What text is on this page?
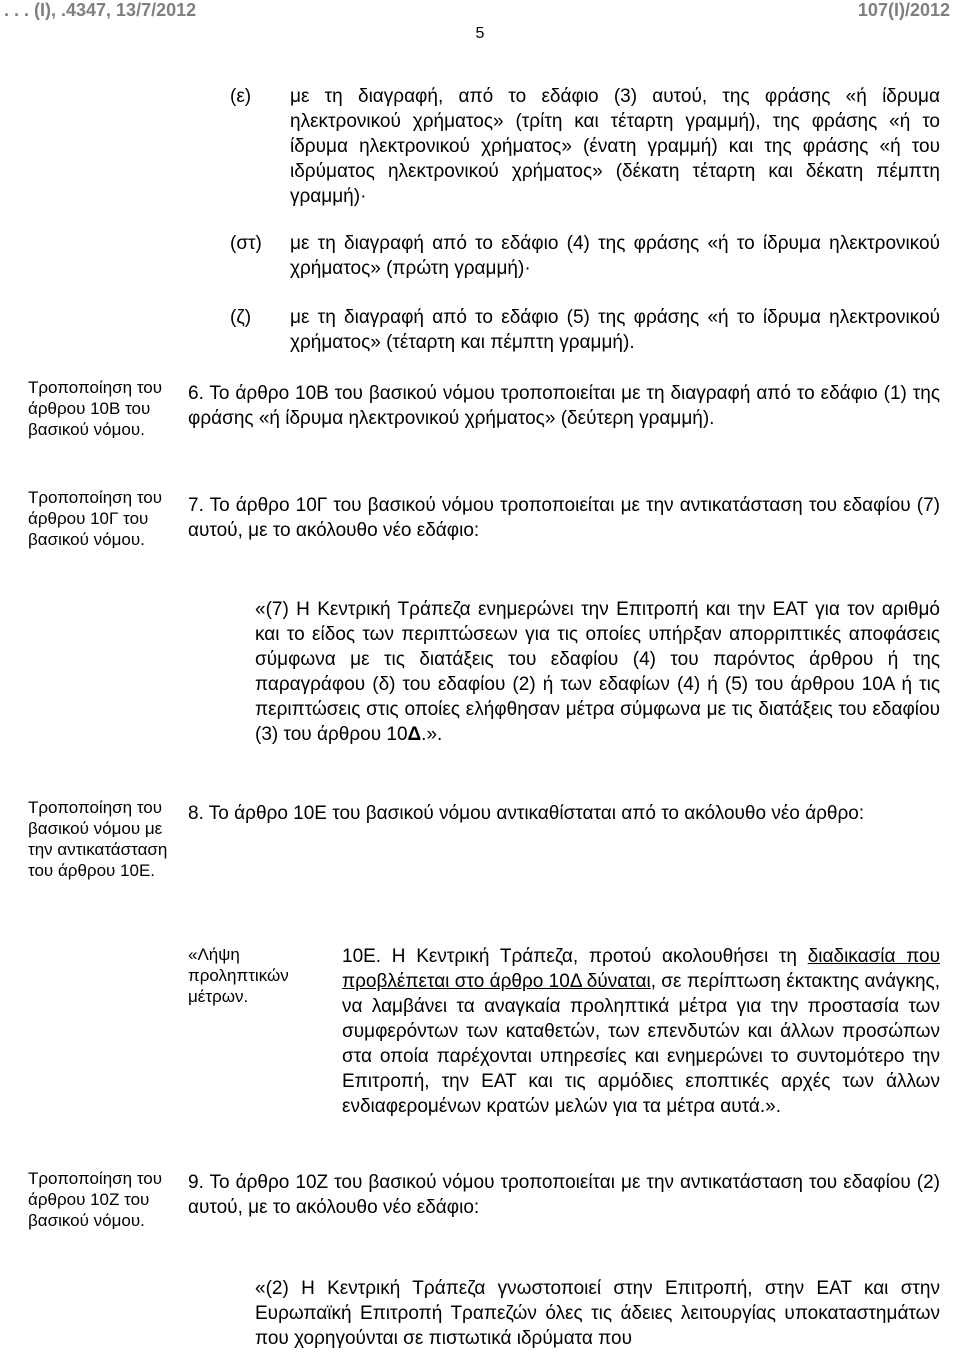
. . . (Ι), .4347, 13/7/2012	107(Ι)/2012
5
(ε) με τη διαγραφή, από το εδάφιο (3) αυτού, της φράσης «ή ίδρυμα ηλεκτρονικού χρήματος» (τρίτη και τέταρτη γραμμή), της φράσης «ή το ίδρυμα ηλεκτρονικού χρήματος» (ένατη γραμμή) και της φράσης «ή του ιδρύματος ηλεκτρονικού χρήματος» (δέκατη τέταρτη και δέκατη πέμπτη γραμμή)·
(στ) με τη διαγραφή από το εδάφιο (4) της φράσης «ή το ίδρυμα ηλεκτρονικού χρήματος» (πρώτη γραμμή)·
(ζ) με τη διαγραφή από το εδάφιο (5) της φράσης «ή το ίδρυμα ηλεκτρονικού χρήματος» (τέταρτη και πέμπτη γραμμή).
Τροποποίηση του άρθρου 10Β του βασικού νόμου.
6. Το άρθρο 10Β του βασικού νόμου τροποποιείται με τη διαγραφή από το εδάφιο (1) της φράσης «ή ίδρυμα ηλεκτρονικού χρήματος» (δεύτερη γραμμή).
Τροποποίηση του άρθρου 10Γ του βασικού νόμου.
7. Το άρθρο 10Γ του βασικού νόμου τροποποιείται με την αντικατάσταση του εδαφίου (7) αυτού, με το ακόλουθο νέο εδάφιο:
«(7) Η Κεντρική Τράπεζα ενημερώνει την Επιτροπή και την ΕΑΤ για τον αριθμό και το είδος των περιπτώσεων για τις οποίες υπήρξαν απορριπτικές αποφάσεις σύμφωνα με τις διατάξεις του εδαφίου (4) του παρόντος άρθρου ή της παραγράφου (δ) του εδαφίου (2) ή των εδαφίων (4) ή (5) του άρθρου 10Α ή τις περιπτώσεις στις οποίες ελήφθησαν μέτρα σύμφωνα με τις διατάξεις του εδαφίου (3) του άρθρου 10Δ.».
Τροποποίηση του βασικού νόμου με την αντικατάσταση του άρθρου 10Ε.
8. Το άρθρο 10Ε του βασικού νόμου αντικαθίσταται από το ακόλουθο νέο άρθρο:
«Λήψη προληπτικών μέτρων.
10Ε. Η Κεντρική Τράπεζα, προτού ακολουθήσει τη διαδικασία που προβλέπεται στο άρθρο 10Δ δύναται, σε περίπτωση έκτακτης ανάγκης, να λαμβάνει τα αναγκαία προληπτικά μέτρα για την προστασία των συμφερόντων των καταθετών, των επενδυτών και άλλων προσώπων στα οποία παρέχονται υπηρεσίες και ενημερώνει το συντομότερο την Επιτροπή, την ΕΑΤ και τις αρμόδιες εποπτικές αρχές των άλλων ενδιαφερομένων κρατών μελών για τα μέτρα αυτά.».
Τροποποίηση του άρθρου 10Ζ του βασικού νόμου.
9. Το άρθρο 10Ζ του βασικού νόμου τροποποιείται με την αντικατάσταση του εδαφίου (2) αυτού, με το ακόλουθο νέο εδάφιο:
«(2) Η Κεντρική Τράπεζα γνωστοποιεί στην Επιτροπή, στην ΕΑΤ και στην Ευρωπαϊκή Επιτροπή Τραπεζών όλες τις άδειες λειτουργίας υποκαταστημάτων που χορηγούνται σε πιστωτικά ιδρύματα που
